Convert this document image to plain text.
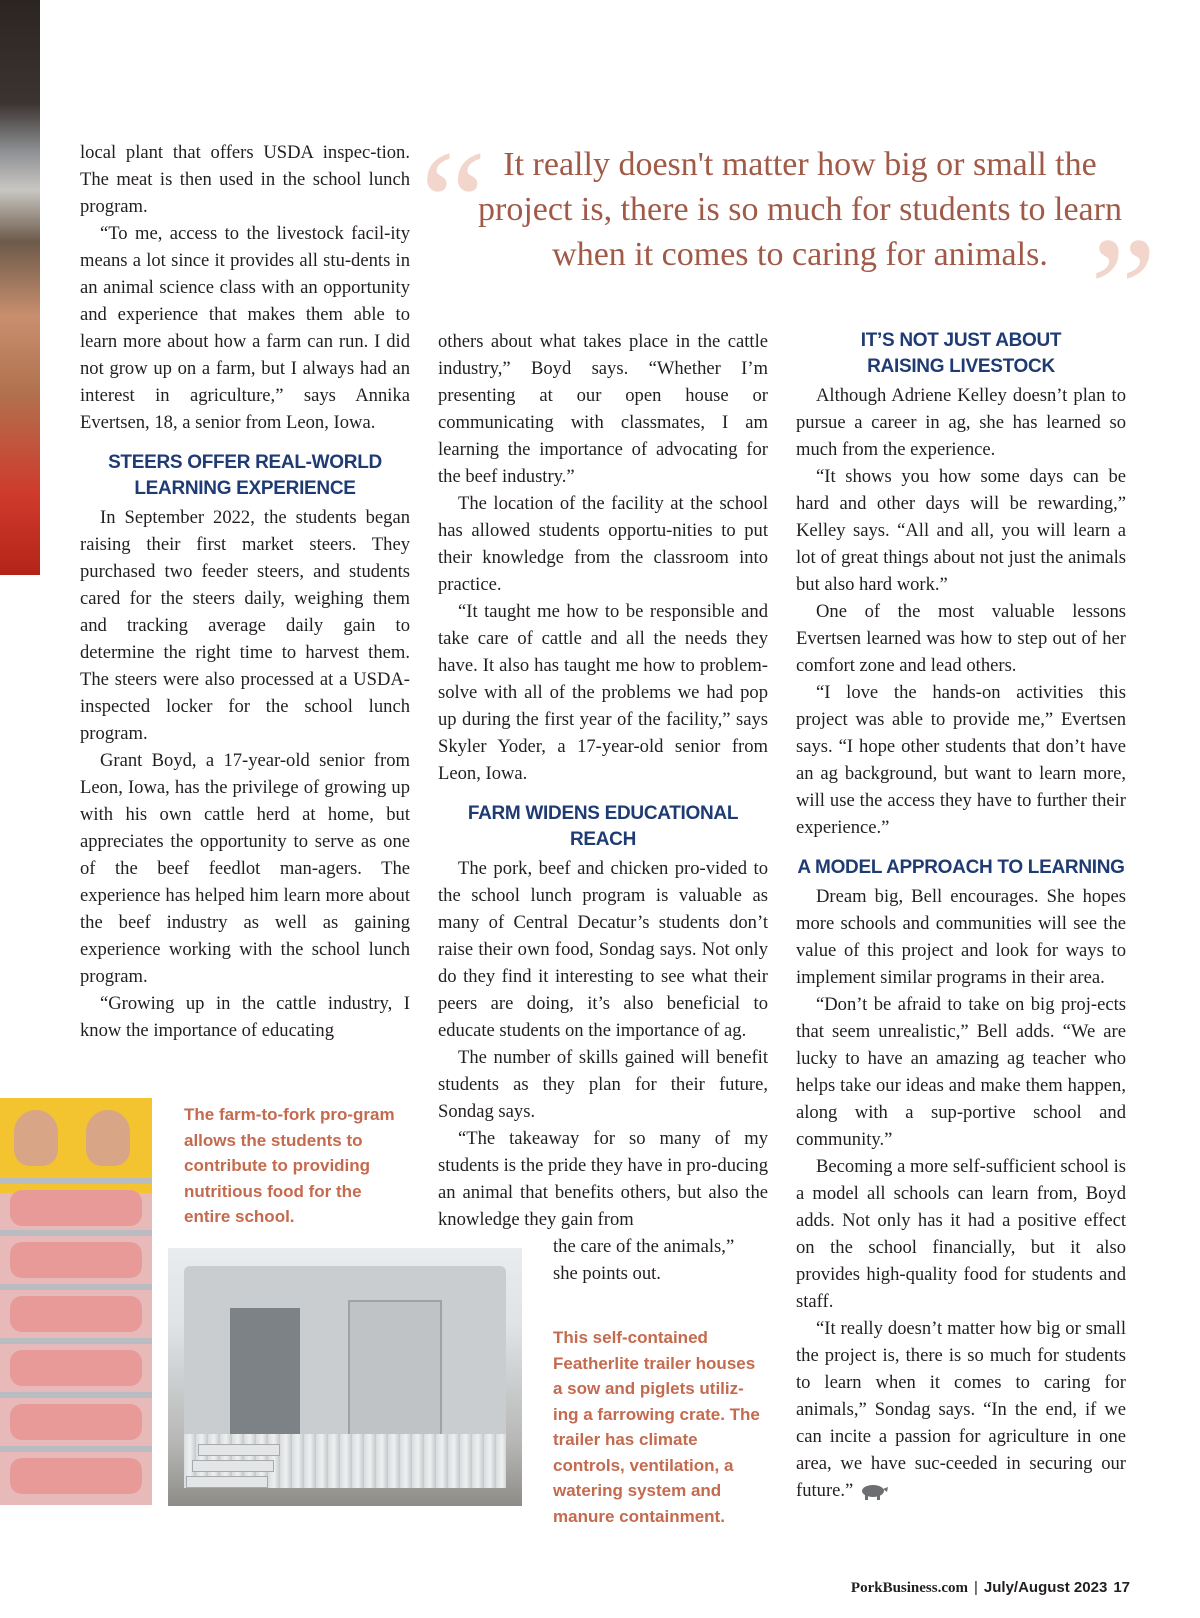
“ It really doesn't matter how big or small the project is, there is so much for students to learn when it comes to caring for animals. ”

local plant that offers USDA inspec-tion. The meat is then used in the school lunch program.

“To me, access to the livestock facil-ity means a lot since it provides all stu-dents in an animal science class with an opportunity and experience that makes them able to learn more about how a farm can run. I did not grow up on a farm, but I always had an interest in agriculture,” says Annika Evertsen, 18, a senior from Leon, Iowa.

STEERS OFFER REAL-WORLD
LEARNING EXPERIENCE

In September 2022, the students began raising their first market steers. They purchased two feeder steers, and students cared for the steers daily, weighing them and tracking average daily gain to determine the right time to harvest them. The steers were also processed at a USDA-inspected locker for the school lunch program.

Grant Boyd, a 17-year-old senior from Leon, Iowa, has the privilege of growing up with his own cattle herd at home, but appreciates the opportunity to serve as one of the beef feedlot man-agers. The experience has helped him learn more about the beef industry as well as gaining experience working with the school lunch program.

“Growing up in the cattle industry, I know the importance of educating

others about what takes place in the cattle industry,” Boyd says. “Whether I’m presenting at our open house or communicating with classmates, I am learning the importance of advocating for the beef industry.”

The location of the facility at the school has allowed students opportu-nities to put their knowledge from the classroom into practice.

“It taught me how to be responsible and take care of cattle and all the needs they have. It also has taught me how to problem-solve with all of the problems we had pop up during the first year of the facility,” says Skyler Yoder, a 17-year-old senior from Leon, Iowa.

FARM WIDENS EDUCATIONAL REACH

The pork, beef and chicken pro-vided to the school lunch program is valuable as many of Central Decatur’s students don’t raise their own food, Sondag says. Not only do they find it interesting to see what their peers are doing, it’s also beneficial to educate students on the importance of ag.

The number of skills gained will benefit students as they plan for their future, Sondag says.

“The takeaway for so many of my students is the pride they have in pro-ducing an animal that benefits others, but also the knowledge they gain from

the care of the animals,”

she points out.

IT’S NOT JUST ABOUT
RAISING LIVESTOCK

Although Adriene Kelley doesn’t plan to pursue a career in ag, she has learned so much from the experience.

“It shows you how some days can be hard and other days will be rewarding,” Kelley says. “All and all, you will learn a lot of great things about not just the animals but also hard work.”

One of the most valuable lessons Evertsen learned was how to step out of her comfort zone and lead others.

“I love the hands-on activities this project was able to provide me,” Evertsen says. “I hope other students that don’t have an ag background, but want to learn more, will use the access they have to further their experience.”

A MODEL APPROACH TO LEARNING

Dream big, Bell encourages. She hopes more schools and communities will see the value of this project and look for ways to implement similar programs in their area.

“Don’t be afraid to take on big proj-ects that seem unrealistic,” Bell adds. “We are lucky to have an amazing ag teacher who helps take our ideas and make them happen, along with a sup-portive school and community.”

Becoming a more self-sufficient school is a model all schools can learn from, Boyd adds. Not only has it had a positive effect on the school financially, but it also provides high-quality food for students and staff.

“It really doesn’t matter how big or small the project is, there is so much for students to learn when it comes to caring for animals,” Sondag says. “In the end, if we can incite a passion for agriculture in one area, we have suc-ceeded in securing our future.”

The farm-to-fork pro-gram allows the students to contribute to providing nutritious food for the entire school.
This self-contained Featherlite trailer houses a sow and piglets utiliz-ing a farrowing crate. The trailer has climate controls, ventilation, a watering system and manure containment.
PorkBusiness.com | July/August 2023 17
